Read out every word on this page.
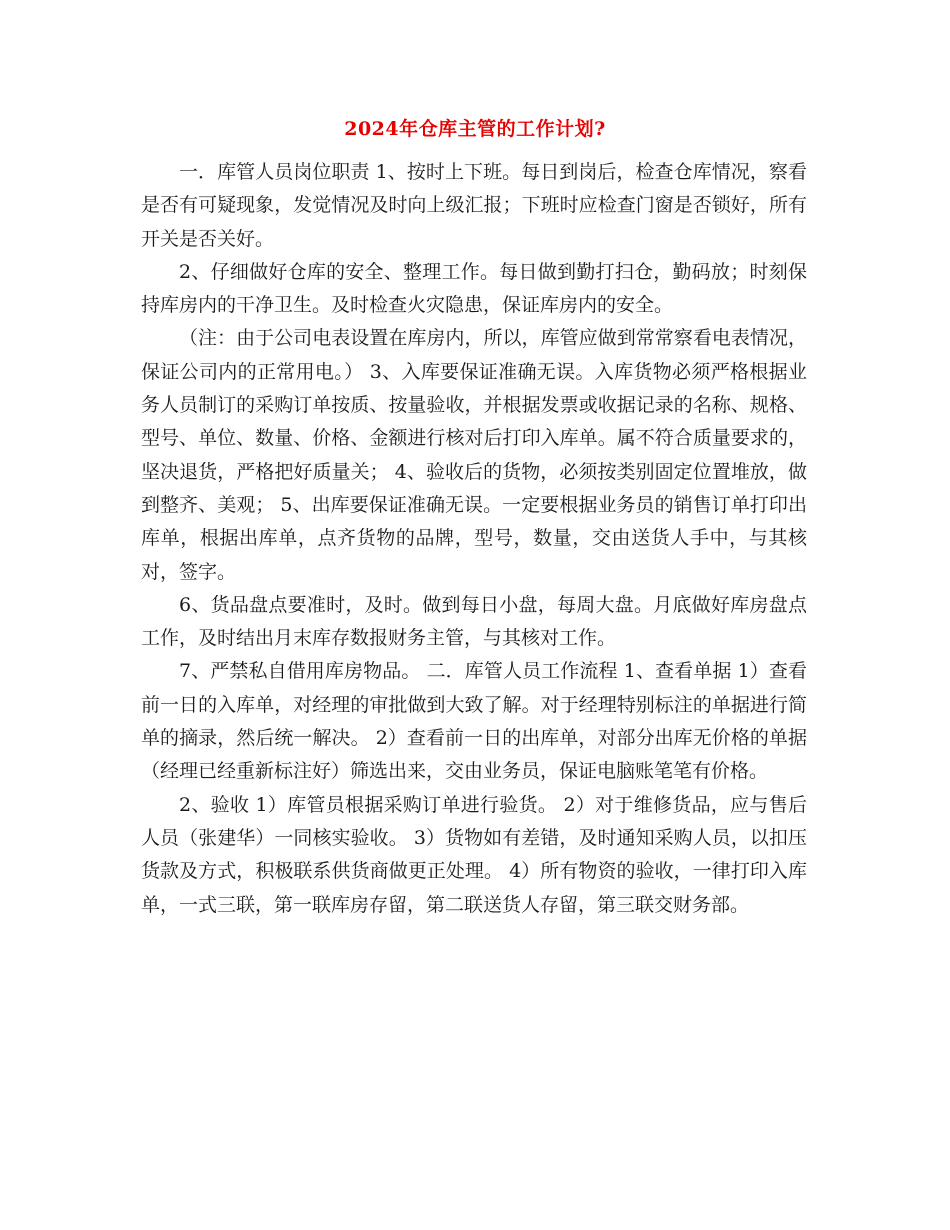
2024年仓库主管的工作计划?

一．库管人员岗位职责 1、按时上下班。每日到岗后，检查仓库情况，察看是否有可疑现象，发觉情况及时向上级汇报；下班时应检查门窗是否锁好，所有开关是否关好。

2、仔细做好仓库的安全、整理工作。每日做到勤打扫仓，勤码放；时刻保持库房内的干净卫生。及时检查火灾隐患，保证库房内的安全。

（注：由于公司电表设置在库房内，所以，库管应做到常常察看电表情况，保证公司内的正常用电。） 3、入库要保证准确无误。入库货物必须严格根据业务人员制订的采购订单按质、按量验收，并根据发票或收据记录的名称、规格、型号、单位、数量、价格、金额进行核对后打印入库单。属不符合质量要求的，坚决退货，严格把好质量关； 4、验收后的货物，必须按类别固定位置堆放，做到整齐、美观； 5、出库要保证准确无误。一定要根据业务员的销售订单打印出库单，根据出库单，点齐货物的品牌，型号，数量，交由送货人手中，与其核对，签字。

6、货品盘点要准时，及时。做到每日小盘，每周大盘。月底做好库房盘点工作，及时结出月末库存数报财务主管，与其核对工作。

7、严禁私自借用库房物品。 二．库管人员工作流程 1、查看单据 1）查看前一日的入库单，对经理的审批做到大致了解。对于经理特别标注的单据进行简单的摘录，然后统一解决。 2）查看前一日的出库单，对部分出库无价格的单据（经理已经重新标注好）筛选出来，交由业务员，保证电脑账笔笔有价格。

2、验收 1）库管员根据采购订单进行验货。 2）对于维修货品，应与售后人员（张建华）一同核实验收。 3）货物如有差错，及时通知采购人员，以扣压货款及方式，积极联系供货商做更正处理。 4）所有物资的验收，一律打印入库单，一式三联，第一联库房存留，第二联送货人存留，第三联交财务部。
